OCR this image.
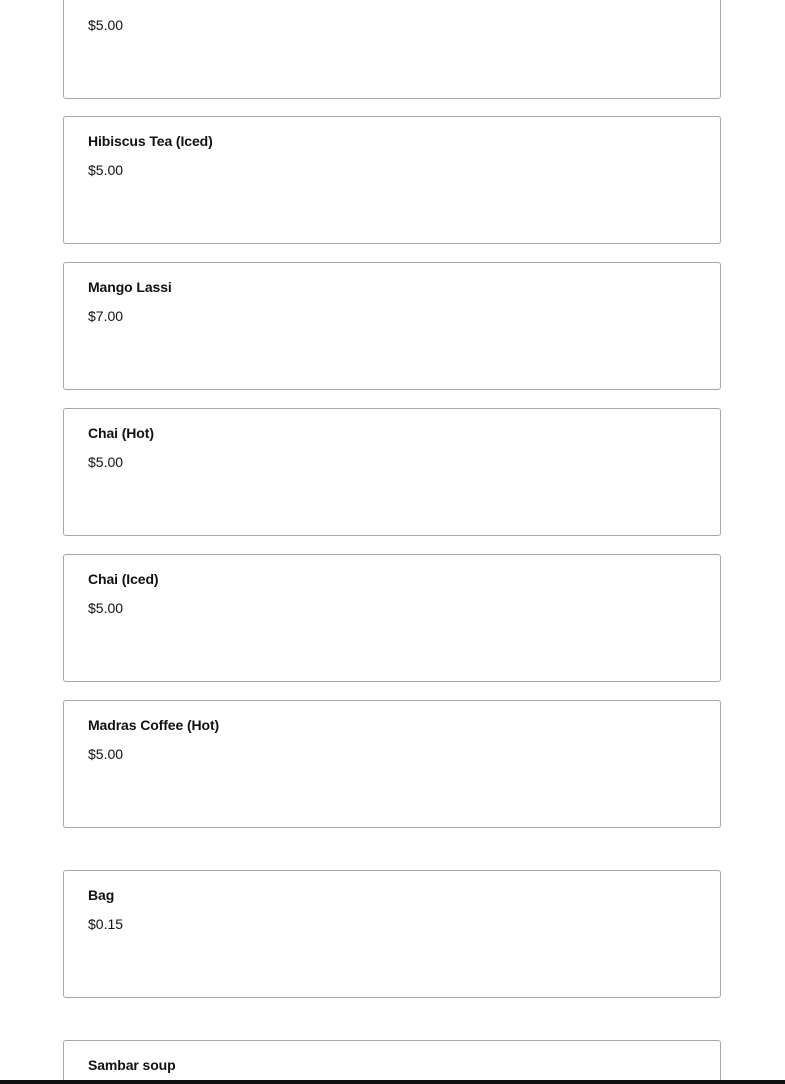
$5.00
Hibiscus Tea (Iced)
$5.00
Mango Lassi
$7.00
Chai (Hot)
$5.00
Chai (Iced)
$5.00
Madras Coffee (Hot)
$5.00
Bag
$0.15
Sambar soup
